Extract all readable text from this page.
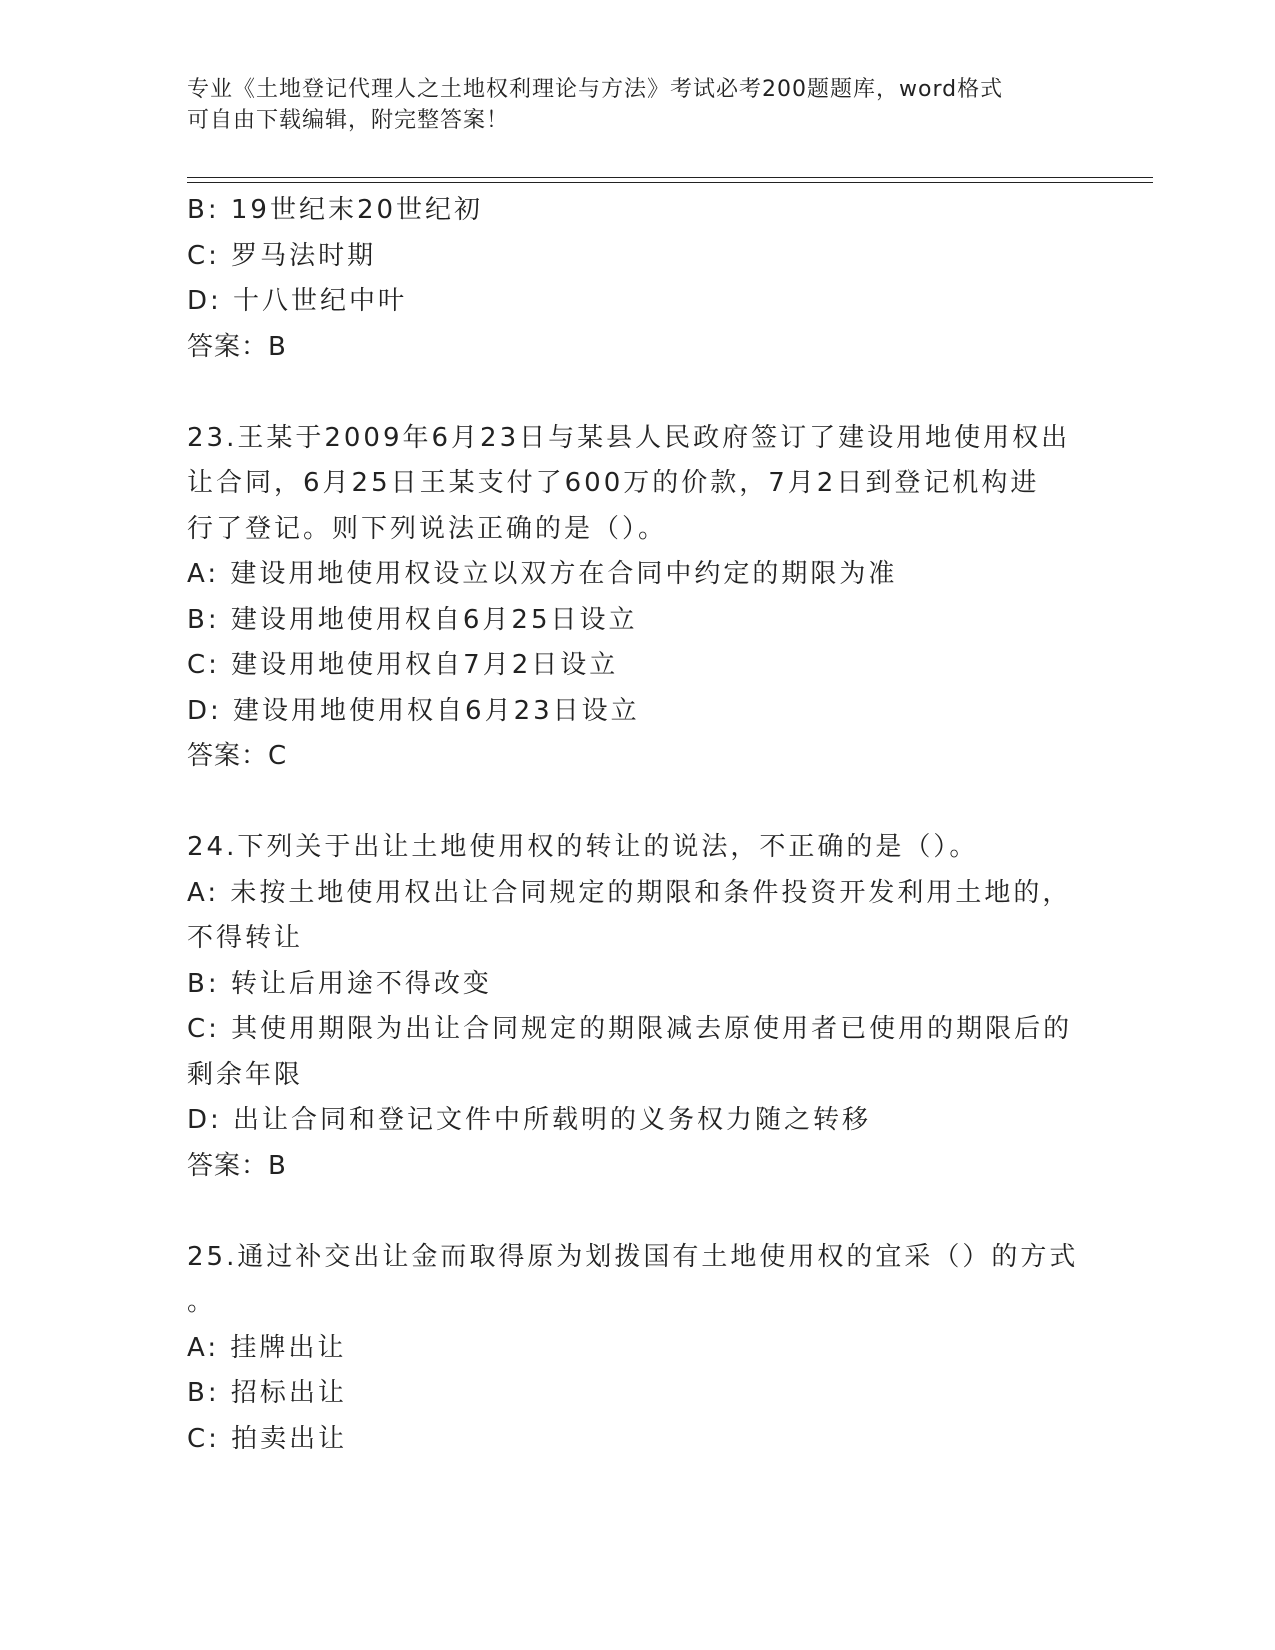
专业《土地登记代理人之土地权利理论与方法》考试必考200题题库，word格式
可自由下载编辑，附完整答案！
B: 19世纪末20世纪初
C: 罗马法时期
D: 十八世纪中叶
答案：B
23.王某于2009年6月23日与某县人民政府签订了建设用地使用权出
让合同，6月25日王某支付了600万的价款，7月2日到登记机构进
行了登记。则下列说法正确的是（）。
A: 建设用地使用权设立以双方在合同中约定的期限为准
B: 建设用地使用权自6月25日设立
C: 建设用地使用权自7月2日设立
D: 建设用地使用权自6月23日设立
答案：C
24.下列关于出让土地使用权的转让的说法，不正确的是（）。
A: 未按土地使用权出让合同规定的期限和条件投资开发利用土地的，
不得转让
B: 转让后用途不得改变
C: 其使用期限为出让合同规定的期限减去原使用者已使用的期限后的
剩余年限
D: 出让合同和登记文件中所载明的义务权力随之转移
答案：B
25.通过补交出让金而取得原为划拨国有土地使用权的宜采（）的方式
。
A: 挂牌出让
B: 招标出让
C: 拍卖出让
